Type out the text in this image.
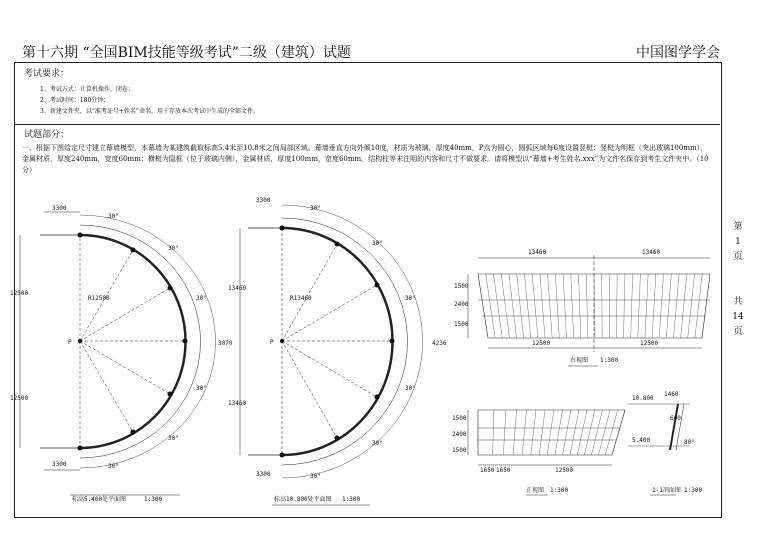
第十六期 “全国BIM技能等级考试”二级（建筑）试题	中国图学学会
考试要求：
1、考试方式：计算机操作，闭卷；
2、考试时间：180分钟；
3、新建文件夹，以“准考证号+姓名”命名，用于存放本次考试中生成的全部文件。
试题部分：
一、根据下图给定尺寸建立幕墙模型，本幕墙为某建筑截取标高5.4米至10.8米之间局部区域。幕墙垂直方向外倾10度，材质为玻璃，厚度40mm，P点为圆心，圆弧区域每6度设置竖梃：竖梃为明框（突出玻璃100mm），金属材质，厚度240mm，宽度60mm；横梃为隐框（位于玻璃内侧），金属材质，厚度100mm，宽度60mm。结构柱等未注明的内容和尺寸不做要求。请将模型以“幕墙+考生姓名.xxx”为文件名保存到考生文件夹中。（10分）
第
1
页
共
14
页
P
3300
3300
12500
12500
R12500
30°
30°
30°
30°
30°
30°
3070
标高5.400处平面图	1:300
P
3300
3300
13460
13460
R13460
30°
30°
30°
30°
30°
30°
4236
标高10.800处平面图 1:300
13460	13460
12500	12500
1500
2400
1500
右视图 1:300
1650 1650	12500
1500
2400
1500
正视图 1:300
10.800
5.400
1460
600
80°
1-1剖面图 1:300
